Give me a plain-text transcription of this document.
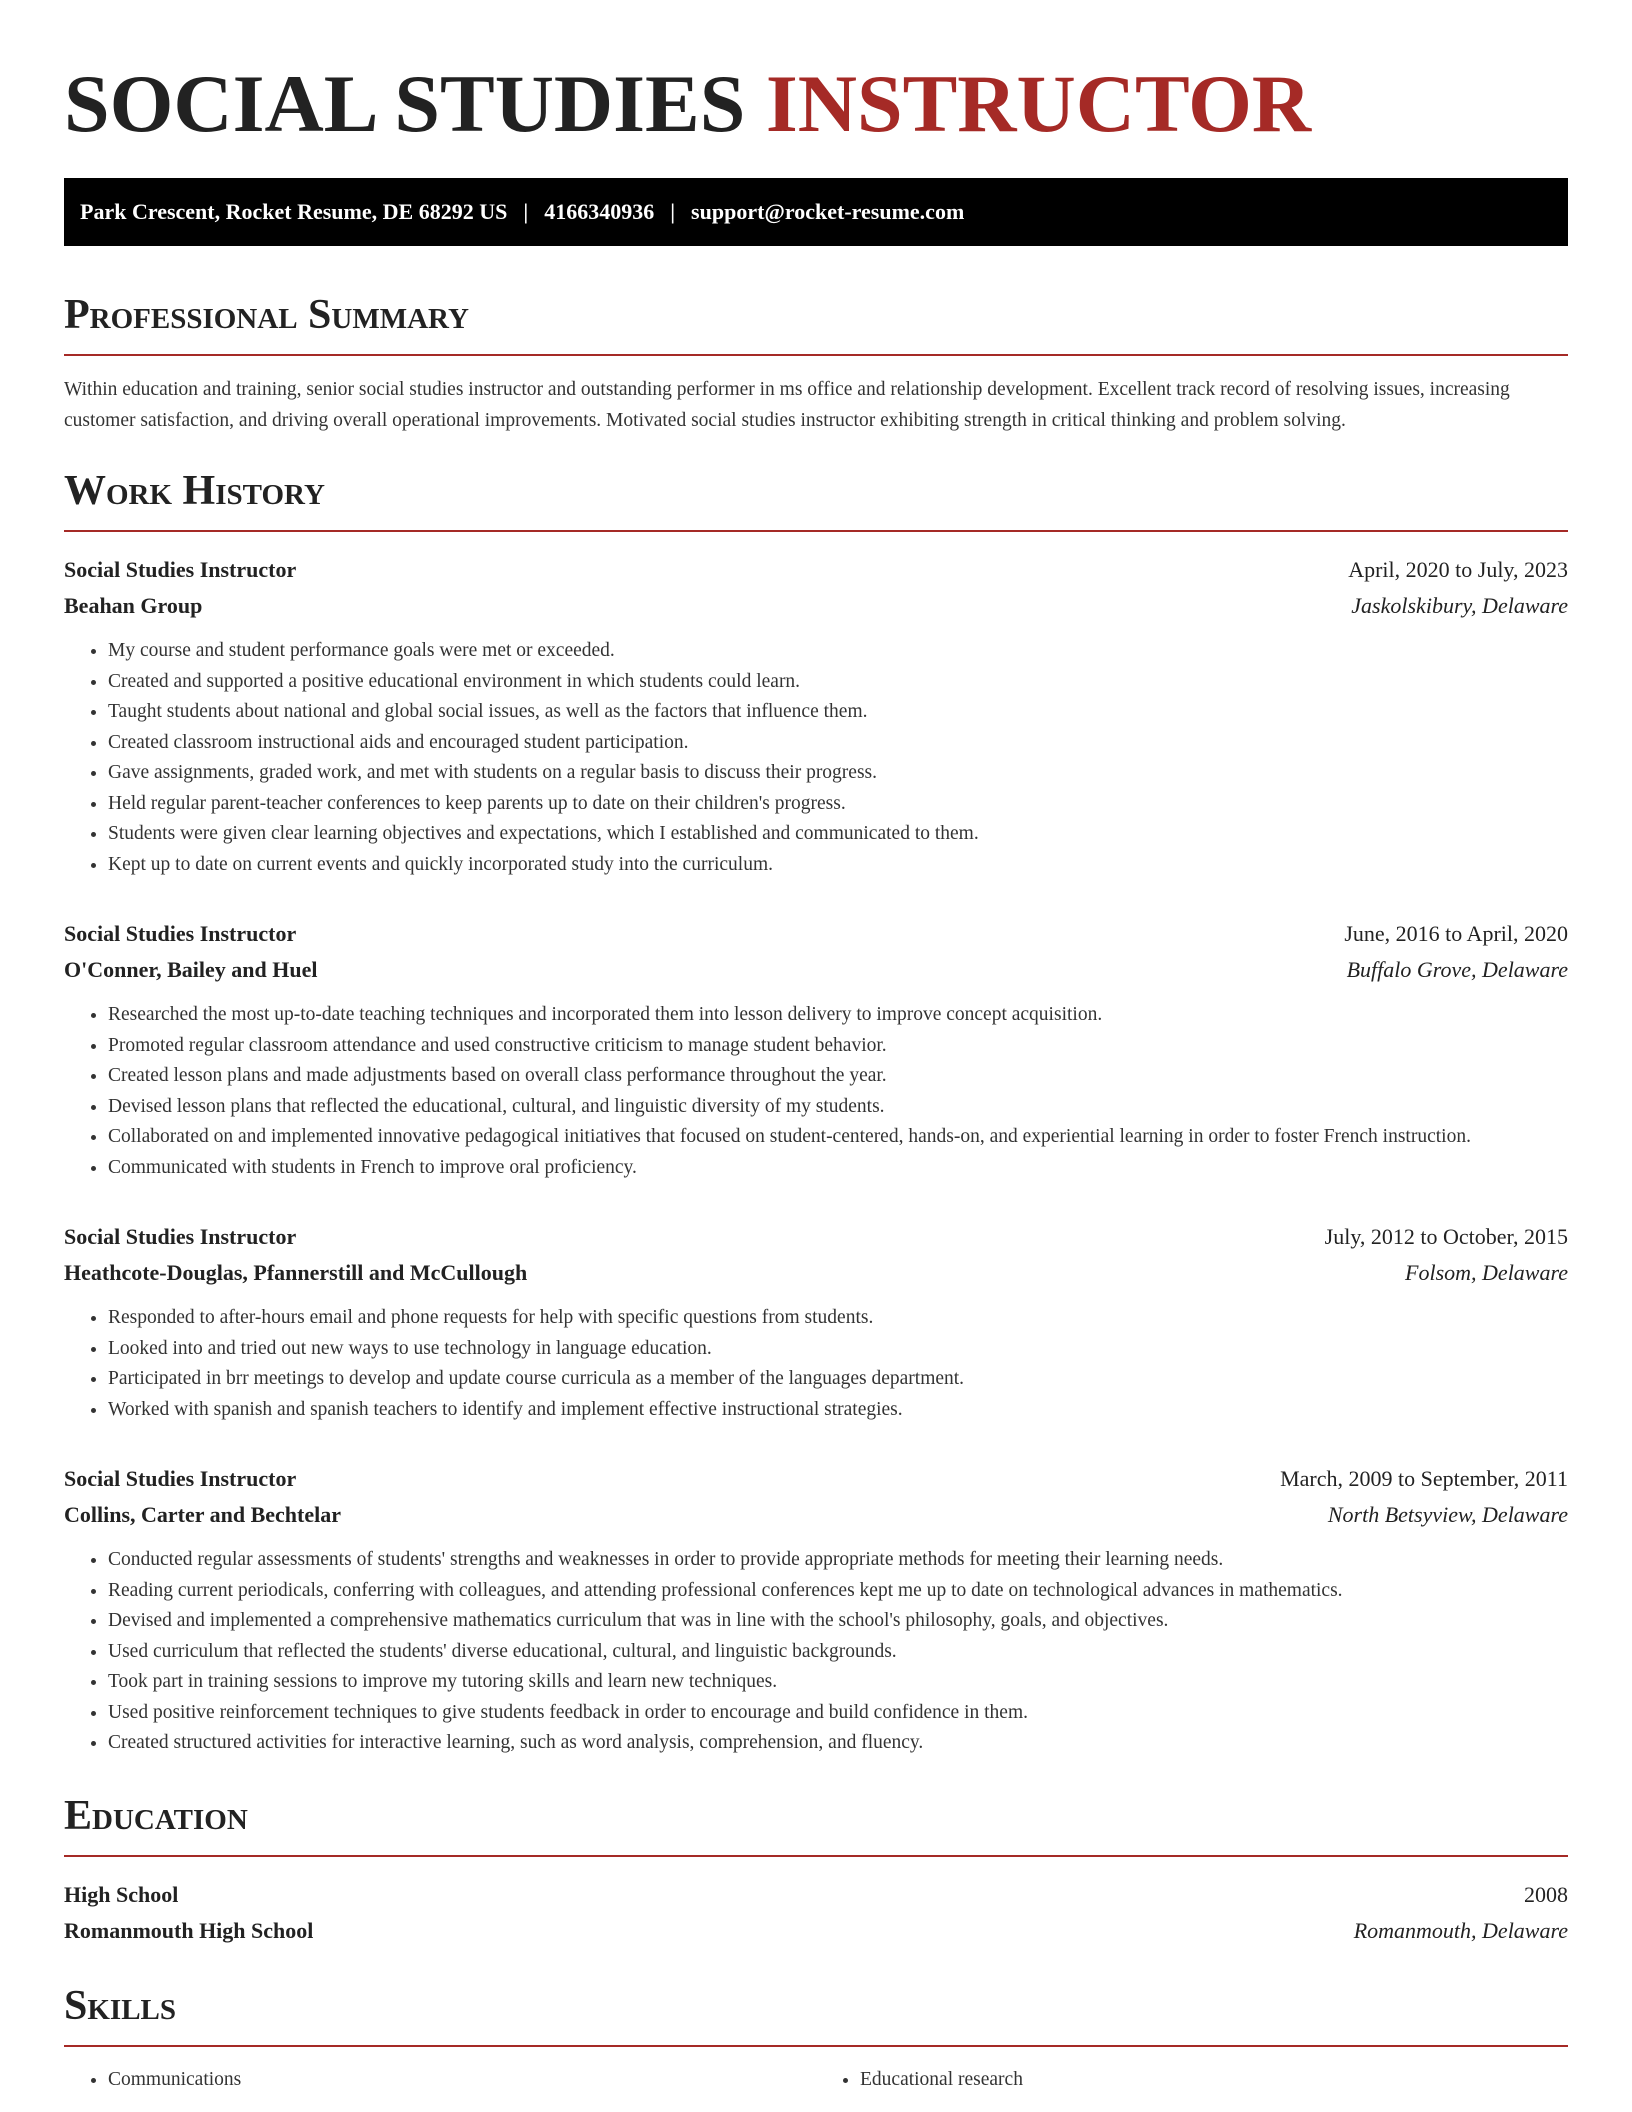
SOCIAL STUDIES INSTRUCTOR
Park Crescent, Rocket Resume, DE 68292 US | 4166340936 | support@rocket-resume.com
Professional Summary

Within education and training, senior social studies instructor and outstanding performer in ms office and relationship development. Excellent track record of resolving issues, increasing customer satisfaction, and driving overall operational improvements. Motivated social studies instructor exhibiting strength in critical thinking and problem solving.

Work History
Social Studies Instructor	April, 2020 to July, 2023
Beahan Group	Jaskolskibury, Delaware
• My course and student performance goals were met or exceeded.
• Created and supported a positive educational environment in which students could learn.
• Taught students about national and global social issues, as well as the factors that influence them.
• Created classroom instructional aids and encouraged student participation.
• Gave assignments, graded work, and met with students on a regular basis to discuss their progress.
• Held regular parent-teacher conferences to keep parents up to date on their children's progress.
• Students were given clear learning objectives and expectations, which I established and communicated to them.
• Kept up to date on current events and quickly incorporated study into the curriculum.
Social Studies Instructor	June, 2016 to April, 2020
O'Conner, Bailey and Huel	Buffalo Grove, Delaware
• Researched the most up-to-date teaching techniques and incorporated them into lesson delivery to improve concept acquisition.
• Promoted regular classroom attendance and used constructive criticism to manage student behavior.
• Created lesson plans and made adjustments based on overall class performance throughout the year.
• Devised lesson plans that reflected the educational, cultural, and linguistic diversity of my students.
• Collaborated on and implemented innovative pedagogical initiatives that focused on student-centered, hands-on, and experiential learning in order to foster French instruction.
• Communicated with students in French to improve oral proficiency.
Social Studies Instructor	July, 2012 to October, 2015
Heathcote-Douglas, Pfannerstill and McCullough	Folsom, Delaware
• Responded to after-hours email and phone requests for help with specific questions from students.
• Looked into and tried out new ways to use technology in language education.
• Participated in brr meetings to develop and update course curricula as a member of the languages department.
• Worked with spanish and spanish teachers to identify and implement effective instructional strategies.
Social Studies Instructor	March, 2009 to September, 2011
Collins, Carter and Bechtelar	North Betsyview, Delaware
• Conducted regular assessments of students' strengths and weaknesses in order to provide appropriate methods for meeting their learning needs.
• Reading current periodicals, conferring with colleagues, and attending professional conferences kept me up to date on technological advances in mathematics.
• Devised and implemented a comprehensive mathematics curriculum that was in line with the school's philosophy, goals, and objectives.
• Used curriculum that reflected the students' diverse educational, cultural, and linguistic backgrounds.
• Took part in training sessions to improve my tutoring skills and learn new techniques.
• Used positive reinforcement techniques to give students feedback in order to encourage and build confidence in them.
• Created structured activities for interactive learning, such as word analysis, comprehension, and fluency.
Education
High School	2008
Romanmouth High School	Romanmouth, Delaware
Skills
• Communications
•	Educational research
